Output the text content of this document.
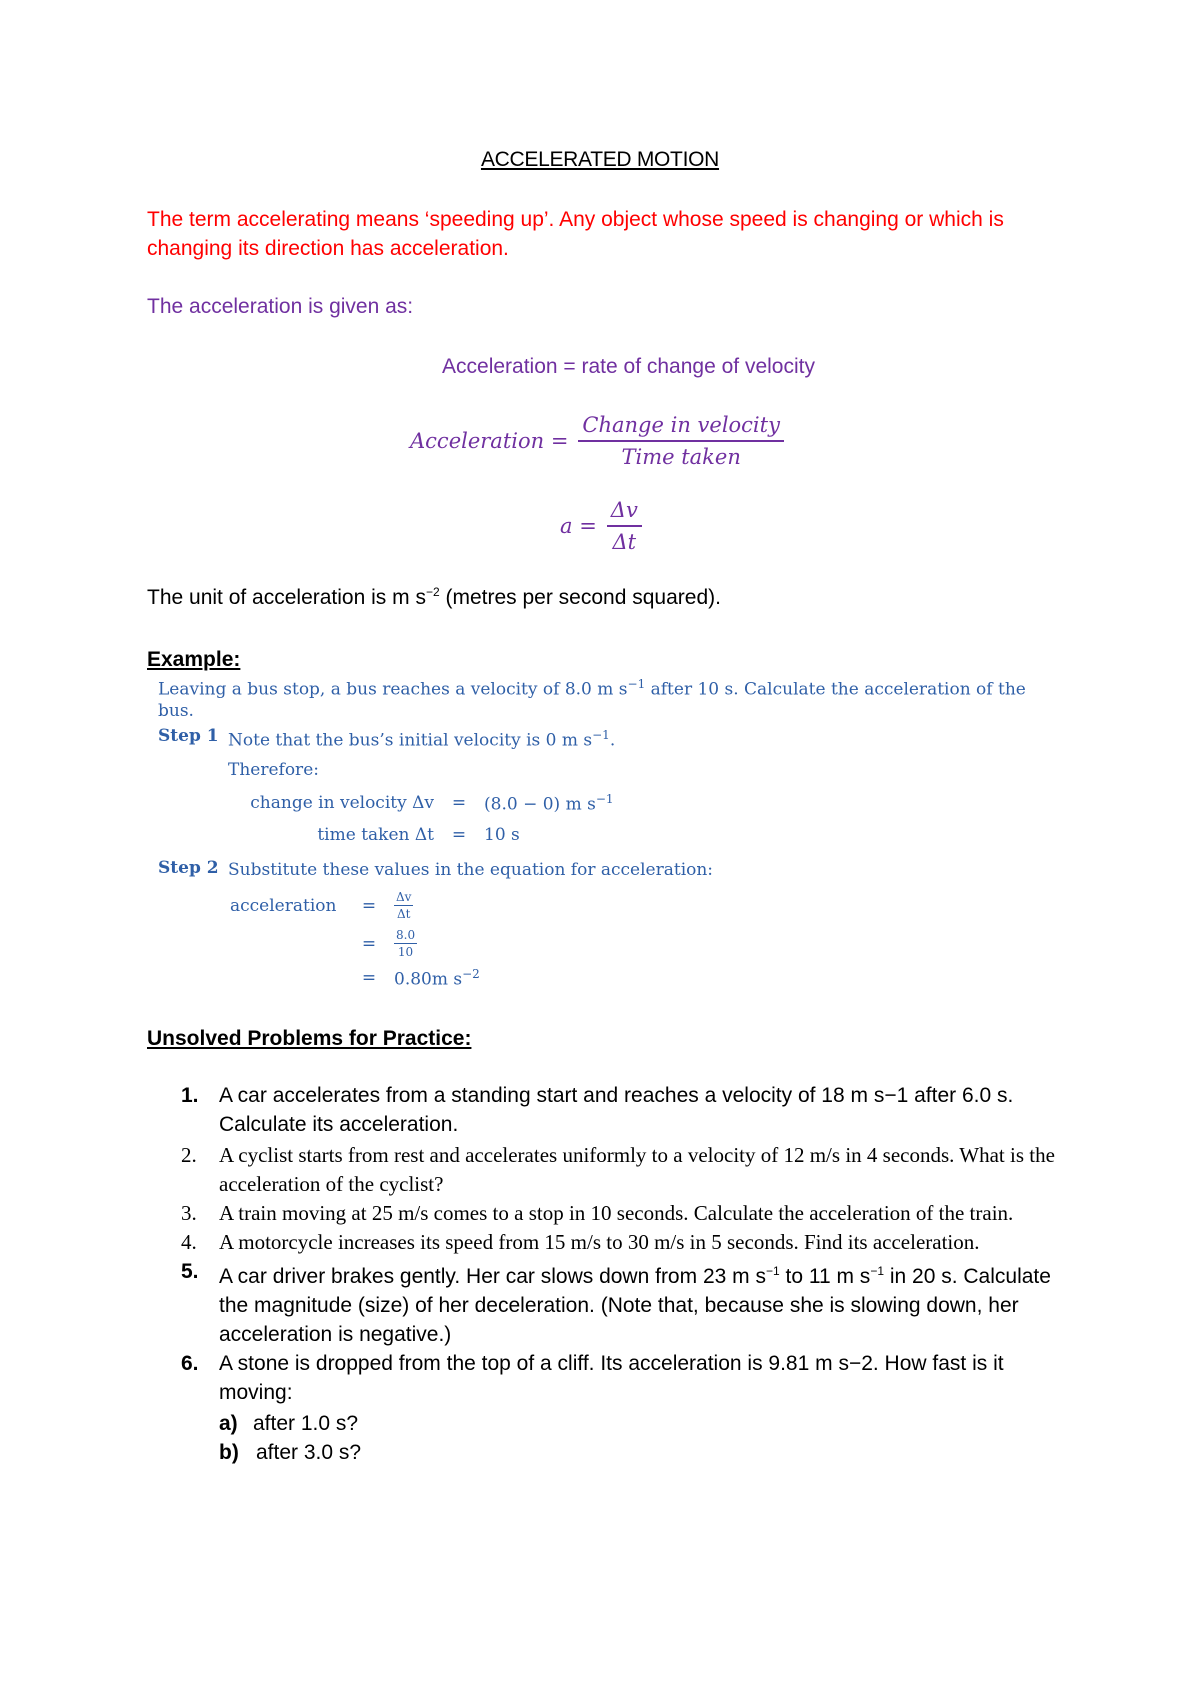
ACCELERATED MOTION
The term accelerating means ‘speeding up’. Any object whose speed is changing or which is changing its direction has acceleration.
The acceleration is given as:
Acceleration = rate of change of velocity
Acceleration = $\frac{\text{Change in velocity}}{\text{Time taken}}$
$a = \frac{\Delta v}{\Delta t}$
The unit of acceleration is m $s^{-2}$ (metres per second squared).
Example:
Leaving a bus stop, a bus reaches a velocity of 8.0 m $s^{-1}$ after 10 s. Calculate the acceleration of the bus.
Step 1 Note that the bus’s initial velocity is 0 m $s^{-1}$.
Therefore:
change in velocity Δv	=	(8.0 − 0) m $s^{-1}$
time taken Δt	=	10 s
Step 2 Substitute these values in the equation for acceleration:
acceleration	=	$\frac{\Delta v}{\Delta t}$
=	$\frac{8.0}{10}$
=	0.80m $s^{-2}$
Unsolved Problems for Practice:
1. A car accelerates from a standing start and reaches a velocity of 18 m s−1 after 6.0 s. Calculate its acceleration.
2. A cyclist starts from rest and accelerates uniformly to a velocity of 12 m/s in 4 seconds. What is the acceleration of the cyclist?
3. A train moving at 25 m/s comes to a stop in 10 seconds. Calculate the acceleration of the train.
4. A motorcycle increases its speed from 15 m/s to 30 m/s in 5 seconds. Find its acceleration.
5. A car driver brakes gently. Her car slows down from 23 m $s^{-1}$ to 11 m $s^{-1}$ in 20 s. Calculate the magnitude (size) of her deceleration. (Note that, because she is slowing down, her acceleration is negative.)
6. A stone is dropped from the top of a cliff. Its acceleration is 9.81 m s−2. How fast is it moving:
a) after 1.0 s?
b) after 3.0 s?
